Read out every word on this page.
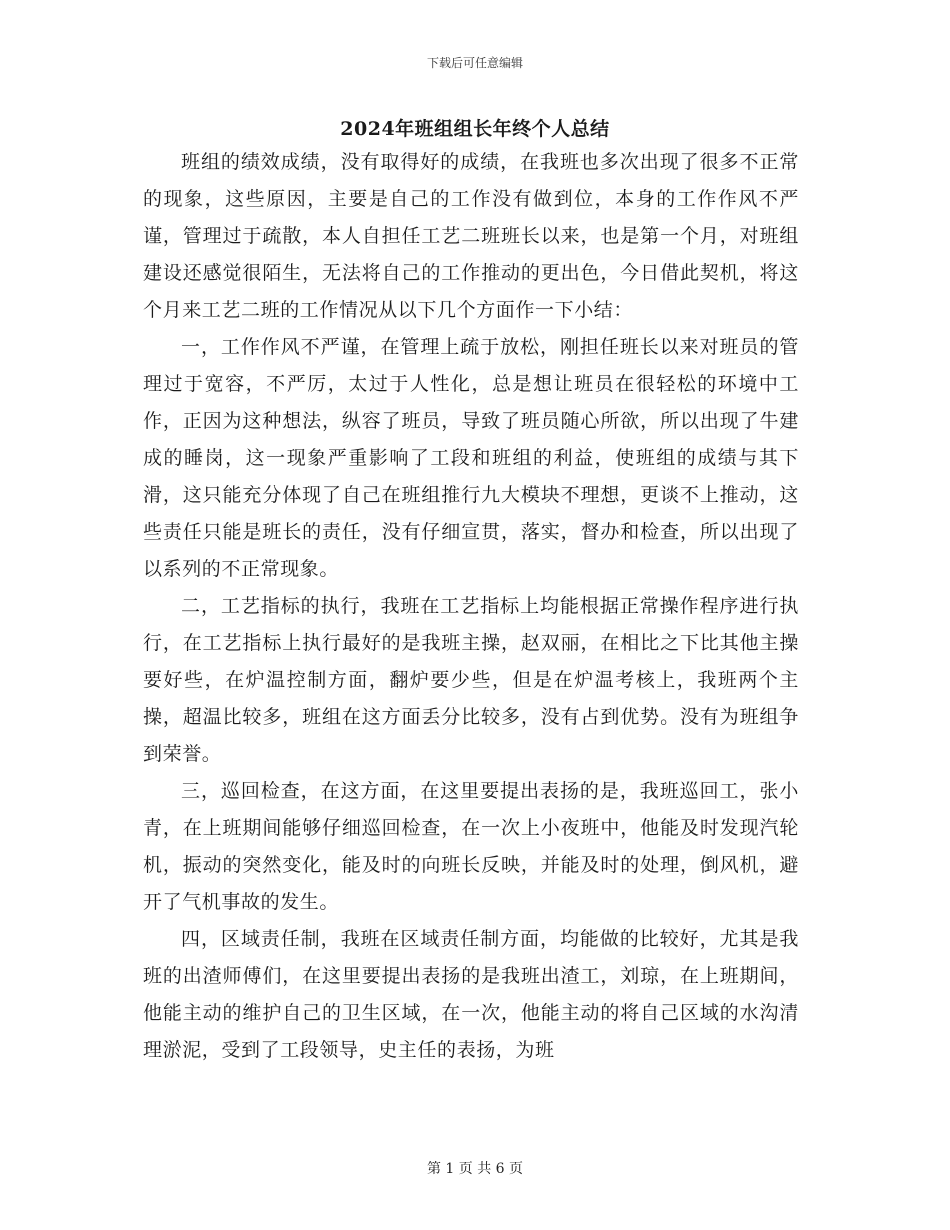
下载后可任意编辑
2024年班组组长年终个人总结

班组的绩效成绩，没有取得好的成绩，在我班也多次出现了很多不正常的现象，这些原因，主要是自己的工作没有做到位，本身的工作作风不严谨，管理过于疏散，本人自担任工艺二班班长以来，也是第一个月，对班组建设还感觉很陌生，无法将自己的工作推动的更出色，今日借此契机，将这个月来工艺二班的工作情况从以下几个方面作一下小结：

一，工作作风不严谨，在管理上疏于放松，刚担任班长以来对班员的管理过于宽容，不严厉，太过于人性化，总是想让班员在很轻松的环境中工作，正因为这种想法，纵容了班员，导致了班员随心所欲，所以出现了牛建成的睡岗，这一现象严重影响了工段和班组的利益，使班组的成绩与其下滑，这只能充分体现了自己在班组推行九大模块不理想，更谈不上推动，这些责任只能是班长的责任，没有仔细宣贯，落实，督办和检查，所以出现了以系列的不正常现象。

二，工艺指标的执行，我班在工艺指标上均能根据正常操作程序进行执行，在工艺指标上执行最好的是我班主操，赵双丽，在相比之下比其他主操要好些，在炉温控制方面，翻炉要少些，但是在炉温考核上，我班两个主操，超温比较多，班组在这方面丢分比较多，没有占到优势。没有为班组争到荣誉。

三，巡回检查，在这方面，在这里要提出表扬的是，我班巡回工，张小青，在上班期间能够仔细巡回检查，在一次上小夜班中，他能及时发现汽轮机，振动的突然变化，能及时的向班长反映，并能及时的处理，倒风机，避开了气机事故的发生。

四，区域责任制，我班在区域责任制方面，均能做的比较好，尤其是我班的出渣师傅们，在这里要提出表扬的是我班出渣工，刘琼，在上班期间，他能主动的维护自己的卫生区域，在一次，他能主动的将自己区域的水沟清理淤泥，受到了工段领导，史主任的表扬，为班

第 1 页 共 6 页
